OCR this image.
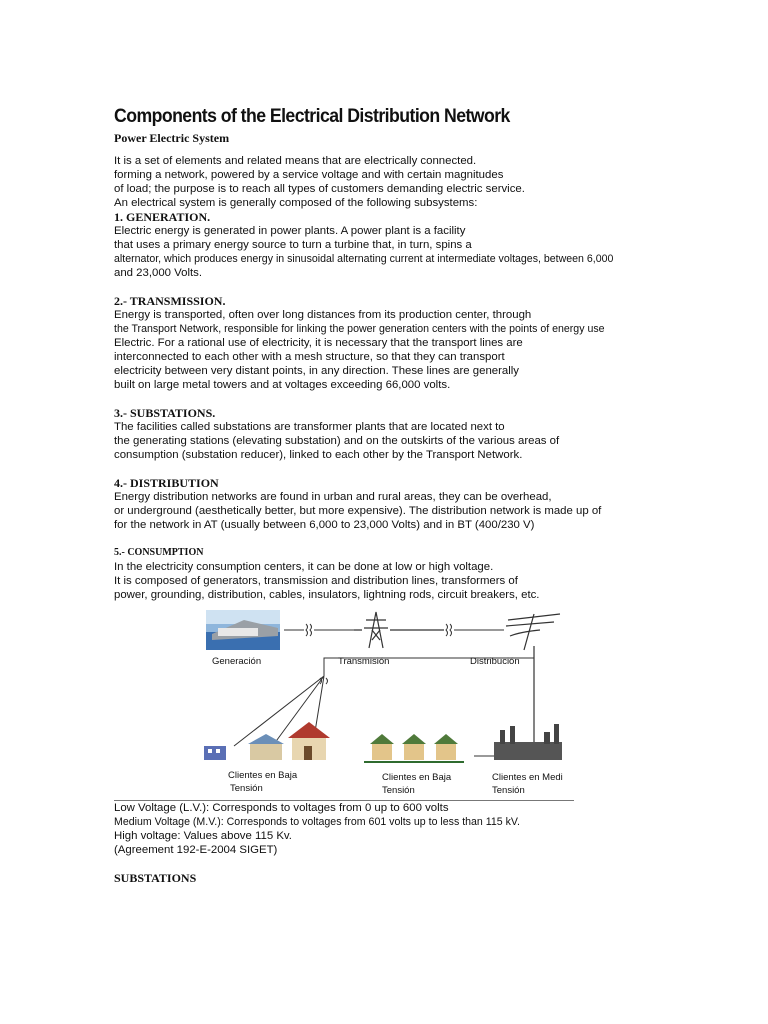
Components of the Electrical Distribution Network
Power Electric System

It is a set of elements and related means that are electrically connected.

forming a network, powered by a service voltage and with certain magnitudes

of load; the purpose is to reach all types of customers demanding electric service.

An electrical system is generally composed of the following subsystems:

1. GENERATION.

Electric energy is generated in power plants. A power plant is a facility

that uses a primary energy source to turn a turbine that, in turn, spins a

alternator, which produces energy in sinusoidal alternating current at intermediate voltages, between 6,000

and 23,000 Volts.

2.- TRANSMISSION.

Energy is transported, often over long distances from its production center, through

the Transport Network, responsible for linking the power generation centers with the points of energy use

Electric. For a rational use of electricity, it is necessary that the transport lines are

interconnected to each other with a mesh structure, so that they can transport

electricity between very distant points, in any direction. These lines are generally

built on large metal towers and at voltages exceeding 66,000 volts.

3.- SUBSTATIONS.

The facilities called substations are transformer plants that are located next to

the generating stations (elevating substation) and on the outskirts of the various areas of

consumption (substation reducer), linked to each other by the Transport Network.

4.- DISTRIBUTION

Energy distribution networks are found in urban and rural areas, they can be overhead,

or underground (aesthetically better, but more expensive). The distribution network is made up of

for the network in AT (usually between 6,000 to 23,000 Volts) and in BT (400/230 V)

5.- CONSUMPTION

In the electricity consumption centers, it can be done at low or high voltage.

It is composed of generators, transmission and distribution lines, transformers of

power, grounding, distribution, cables, insulators, lightning rods, circuit breakers, etc.

Generación	Transmisión	Distribución
Clientes en Baja
Tensión
Clientes en Baja
Tensión
Clientes en Medi
Tensión

Low Voltage (L.V.): Corresponds to voltages from 0 up to 600 volts

Medium Voltage (M.V.): Corresponds to voltages from 601 volts up to less than 115 kV.

High voltage: Values above 115 Kv.

(Agreement 192-E-2004 SIGET)

SUBSTATIONS
